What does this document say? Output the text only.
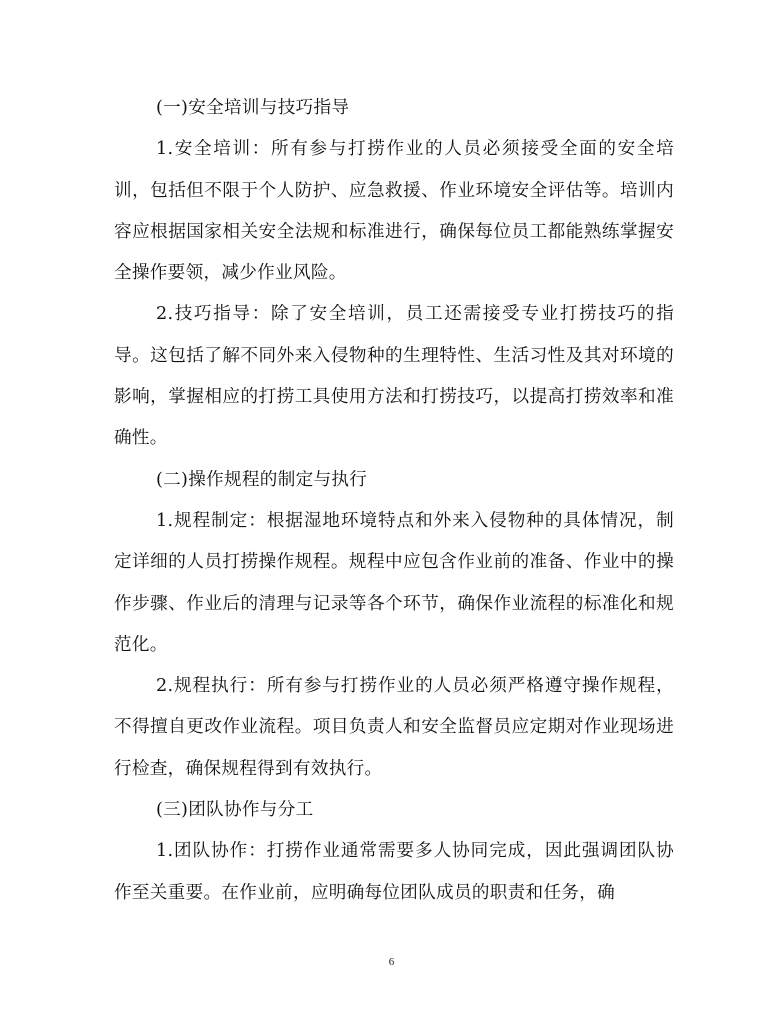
(一)安全培训与技巧指导

1.安全培训：所有参与打捞作业的人员必须接受全面的安全培训，包括但不限于个人防护、应急救援、作业环境安全评估等。培训内容应根据国家相关安全法规和标准进行，确保每位员工都能熟练掌握安全操作要领，减少作业风险。

2.技巧指导：除了安全培训，员工还需接受专业打捞技巧的指导。这包括了解不同外来入侵物种的生理特性、生活习性及其对环境的影响，掌握相应的打捞工具使用方法和打捞技巧，以提高打捞效率和准确性。

(二)操作规程的制定与执行

1.规程制定：根据湿地环境特点和外来入侵物种的具体情况，制定详细的人员打捞操作规程。规程中应包含作业前的准备、作业中的操作步骤、作业后的清理与记录等各个环节，确保作业流程的标准化和规范化。

2.规程执行：所有参与打捞作业的人员必须严格遵守操作规程，不得擅自更改作业流程。项目负责人和安全监督员应定期对作业现场进行检查，确保规程得到有效执行。

(三)团队协作与分工

1.团队协作：打捞作业通常需要多人协同完成，因此强调团队协作至关重要。在作业前，应明确每位团队成员的职责和任务，确

6
